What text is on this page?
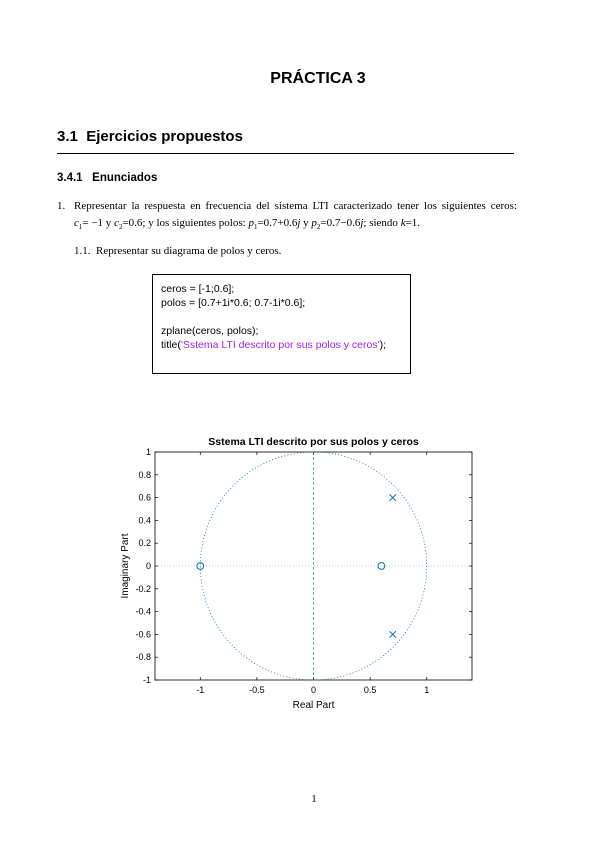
PRÁCTICA 3
3.1 Ejercicios propuestos
3.4.1 Enunciados
1. Representar la respuesta en frecuencia del sistema LTI caracterizado tener los siguientes ceros:
$c_1= -1$ y $c_2=0.6$; y los siguientes polos: $p_1=0.7+0.6j$ y $p_2=0.7-0.6j$; siendo k=1.
1.1. Representar su diagrama de polos y ceros.
ceros = [-1;0.6];
polos = [0.7+1i*0.6; 0.7-1i*0.6];

zplane(ceros, polos);
title('Sstema LTI descrito por sus polos y ceros');
Sstema LTI descrito por sus polos y ceros
-1	-0.5	0	0.5	1
1
0.8
0.6
0.4
0.2
0
-0.2
-0.4
-0.6
-0.8
-1
Real Part
Imaginary Part
1
